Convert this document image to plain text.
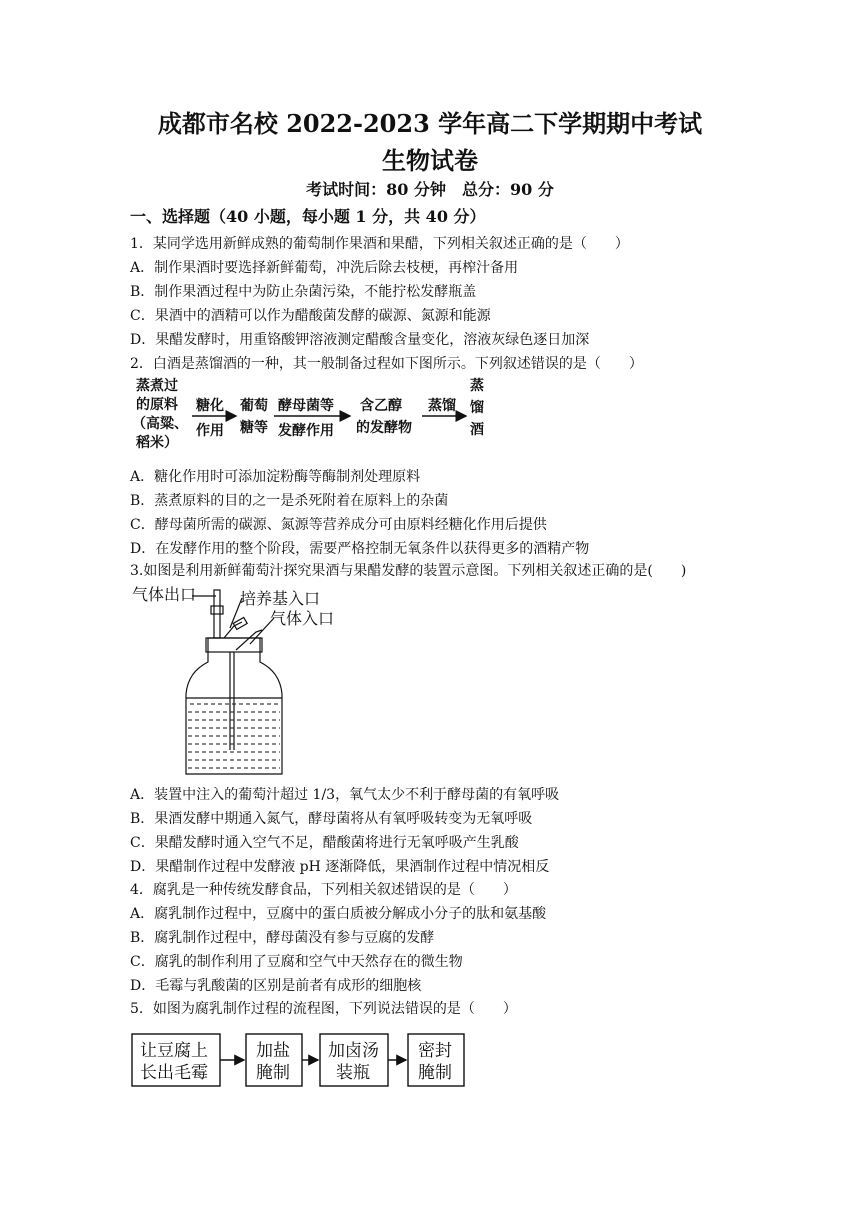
成都市名校 2022-2023 学年高二下学期期中考试
生物试卷
考试时间：80 分钟　总分：90 分
一、选择题（40 小题，每小题 1 分，共 40 分）
1．某同学选用新鲜成熟的葡萄制作果酒和果醋，下列相关叙述正确的是（　　）
A．制作果酒时要选择新鲜葡萄，冲洗后除去枝梗，再榨汁备用
B．制作果酒过程中为防止杂菌污染，不能拧松发酵瓶盖
C．果酒中的酒精可以作为醋酸菌发酵的碳源、氮源和能源
D．果醋发酵时，用重铬酸钾溶液测定醋酸含量变化，溶液灰绿色逐日加深
2．白酒是蒸馏酒的一种，其一般制备过程如下图所示。下列叙述错误的是（　　）
蒸煮过
的原料
（高粱、
稻米）
糖化
作用
葡萄
糖等
酵母菌等
发酵作用
含乙醇
的发酵物
蒸馏
蒸
馏
酒
A．糖化作用时可添加淀粉酶等酶制剂处理原料
B．蒸煮原料的目的之一是杀死附着在原料上的杂菌
C．酵母菌所需的碳源、氮源等营养成分可由原料经糖化作用后提供
D．在发酵作用的整个阶段，需要严格控制无氧条件以获得更多的酒精产物
3.如图是利用新鲜葡萄汁探究果酒与果醋发酵的装置示意图。下列相关叙述正确的是(　　)
气体出口	培养基入口
气体入口
A．装置中注入的葡萄汁超过 1/3，氧气太少不利于酵母菌的有氧呼吸
B．果酒发酵中期通入氮气，酵母菌将从有氧呼吸转变为无氧呼吸
C．果醋发酵时通入空气不足，醋酸菌将进行无氧呼吸产生乳酸
D．果醋制作过程中发酵液 pH 逐渐降低，果酒制作过程中情况相反
4．腐乳是一种传统发酵食品，下列相关叙述错误的是（　　）
A．腐乳制作过程中，豆腐中的蛋白质被分解成小分子的肽和氨基酸
B．腐乳制作过程中，酵母菌没有参与豆腐的发酵
C．腐乳的制作利用了豆腐和空气中天然存在的微生物
D．毛霉与乳酸菌的区别是前者有成形的细胞核
5．如图为腐乳制作过程的流程图，下列说法错误的是（　　）
让豆腐上
长出毛霉
加盐
腌制
加卤汤
装瓶
密封
腌制
